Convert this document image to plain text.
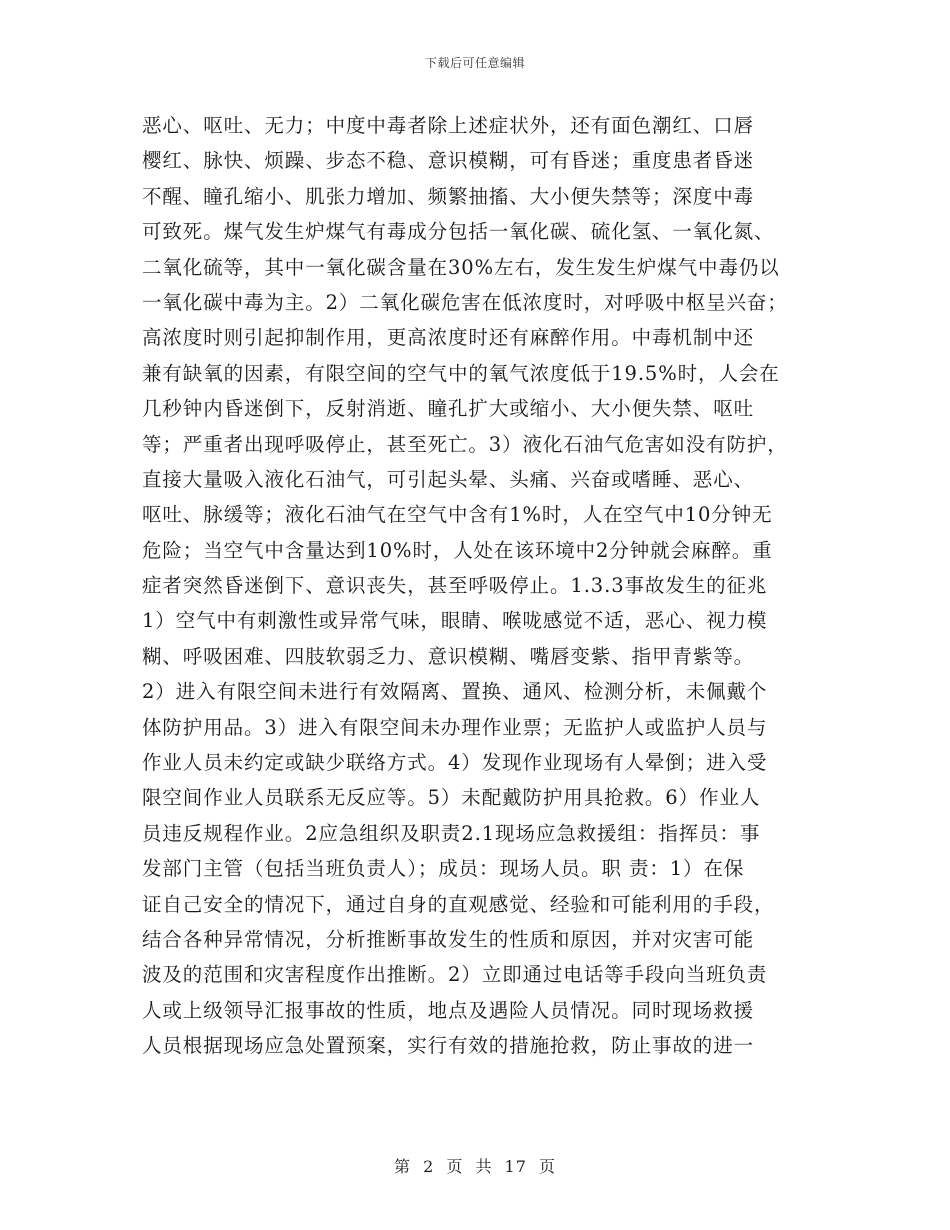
下载后可任意编辑
恶心、呕吐、无力；中度中毒者除上述症状外，还有面色潮红、口唇
樱红、脉快、烦躁、步态不稳、意识模糊，可有昏迷；重度患者昏迷
不醒、瞳孔缩小、肌张力增加、频繁抽搐、大小便失禁等；深度中毒
可致死。煤气发生炉煤气有毒成分包括一氧化碳、硫化氢、一氧化氮、
二氧化硫等，其中一氧化碳含量在30%左右，发生发生炉煤气中毒仍以
一氧化碳中毒为主。2）二氧化碳危害在低浓度时，对呼吸中枢呈兴奋；
高浓度时则引起抑制作用，更高浓度时还有麻醉作用。中毒机制中还
兼有缺氧的因素，有限空间的空气中的氧气浓度低于19.5%时，人会在
几秒钟内昏迷倒下，反射消逝、瞳孔扩大或缩小、大小便失禁、呕吐
等；严重者出现呼吸停止，甚至死亡。3）液化石油气危害如没有防护，
直接大量吸入液化石油气，可引起头晕、头痛、兴奋或嗜睡、恶心、
呕吐、脉缓等；液化石油气在空气中含有1%时，人在空气中10分钟无
危险；当空气中含量达到10%时，人处在该环境中2分钟就会麻醉。重
症者突然昏迷倒下、意识丧失，甚至呼吸停止。1.3.3事故发生的征兆
1）空气中有刺激性或异常气味，眼睛、喉咙感觉不适，恶心、视力模
糊、呼吸困难、四肢软弱乏力、意识模糊、嘴唇变紫、指甲青紫等。
2）进入有限空间未进行有效隔离、置换、通风、检测分析，未佩戴个
体防护用品。3）进入有限空间未办理作业票；无监护人或监护人员与
作业人员未约定或缺少联络方式。4）发现作业现场有人晕倒；进入受
限空间作业人员联系无反应等。5）未配戴防护用具抢救。6）作业人
员违反规程作业。2应急组织及职责2.1现场应急救援组：指挥员：事
发部门主管（包括当班负责人）；成员：现场人员。职 责：1）在保
证自己安全的情况下，通过自身的直观感觉、经验和可能利用的手段，
结合各种异常情况，分析推断事故发生的性质和原因，并对灾害可能
波及的范围和灾害程度作出推断。2）立即通过电话等手段向当班负责
人或上级领导汇报事故的性质，地点及遇险人员情况。同时现场救援
人员根据现场应急处置预案，实行有效的措施抢救，防止事故的进一
第 2 页 共 17 页
